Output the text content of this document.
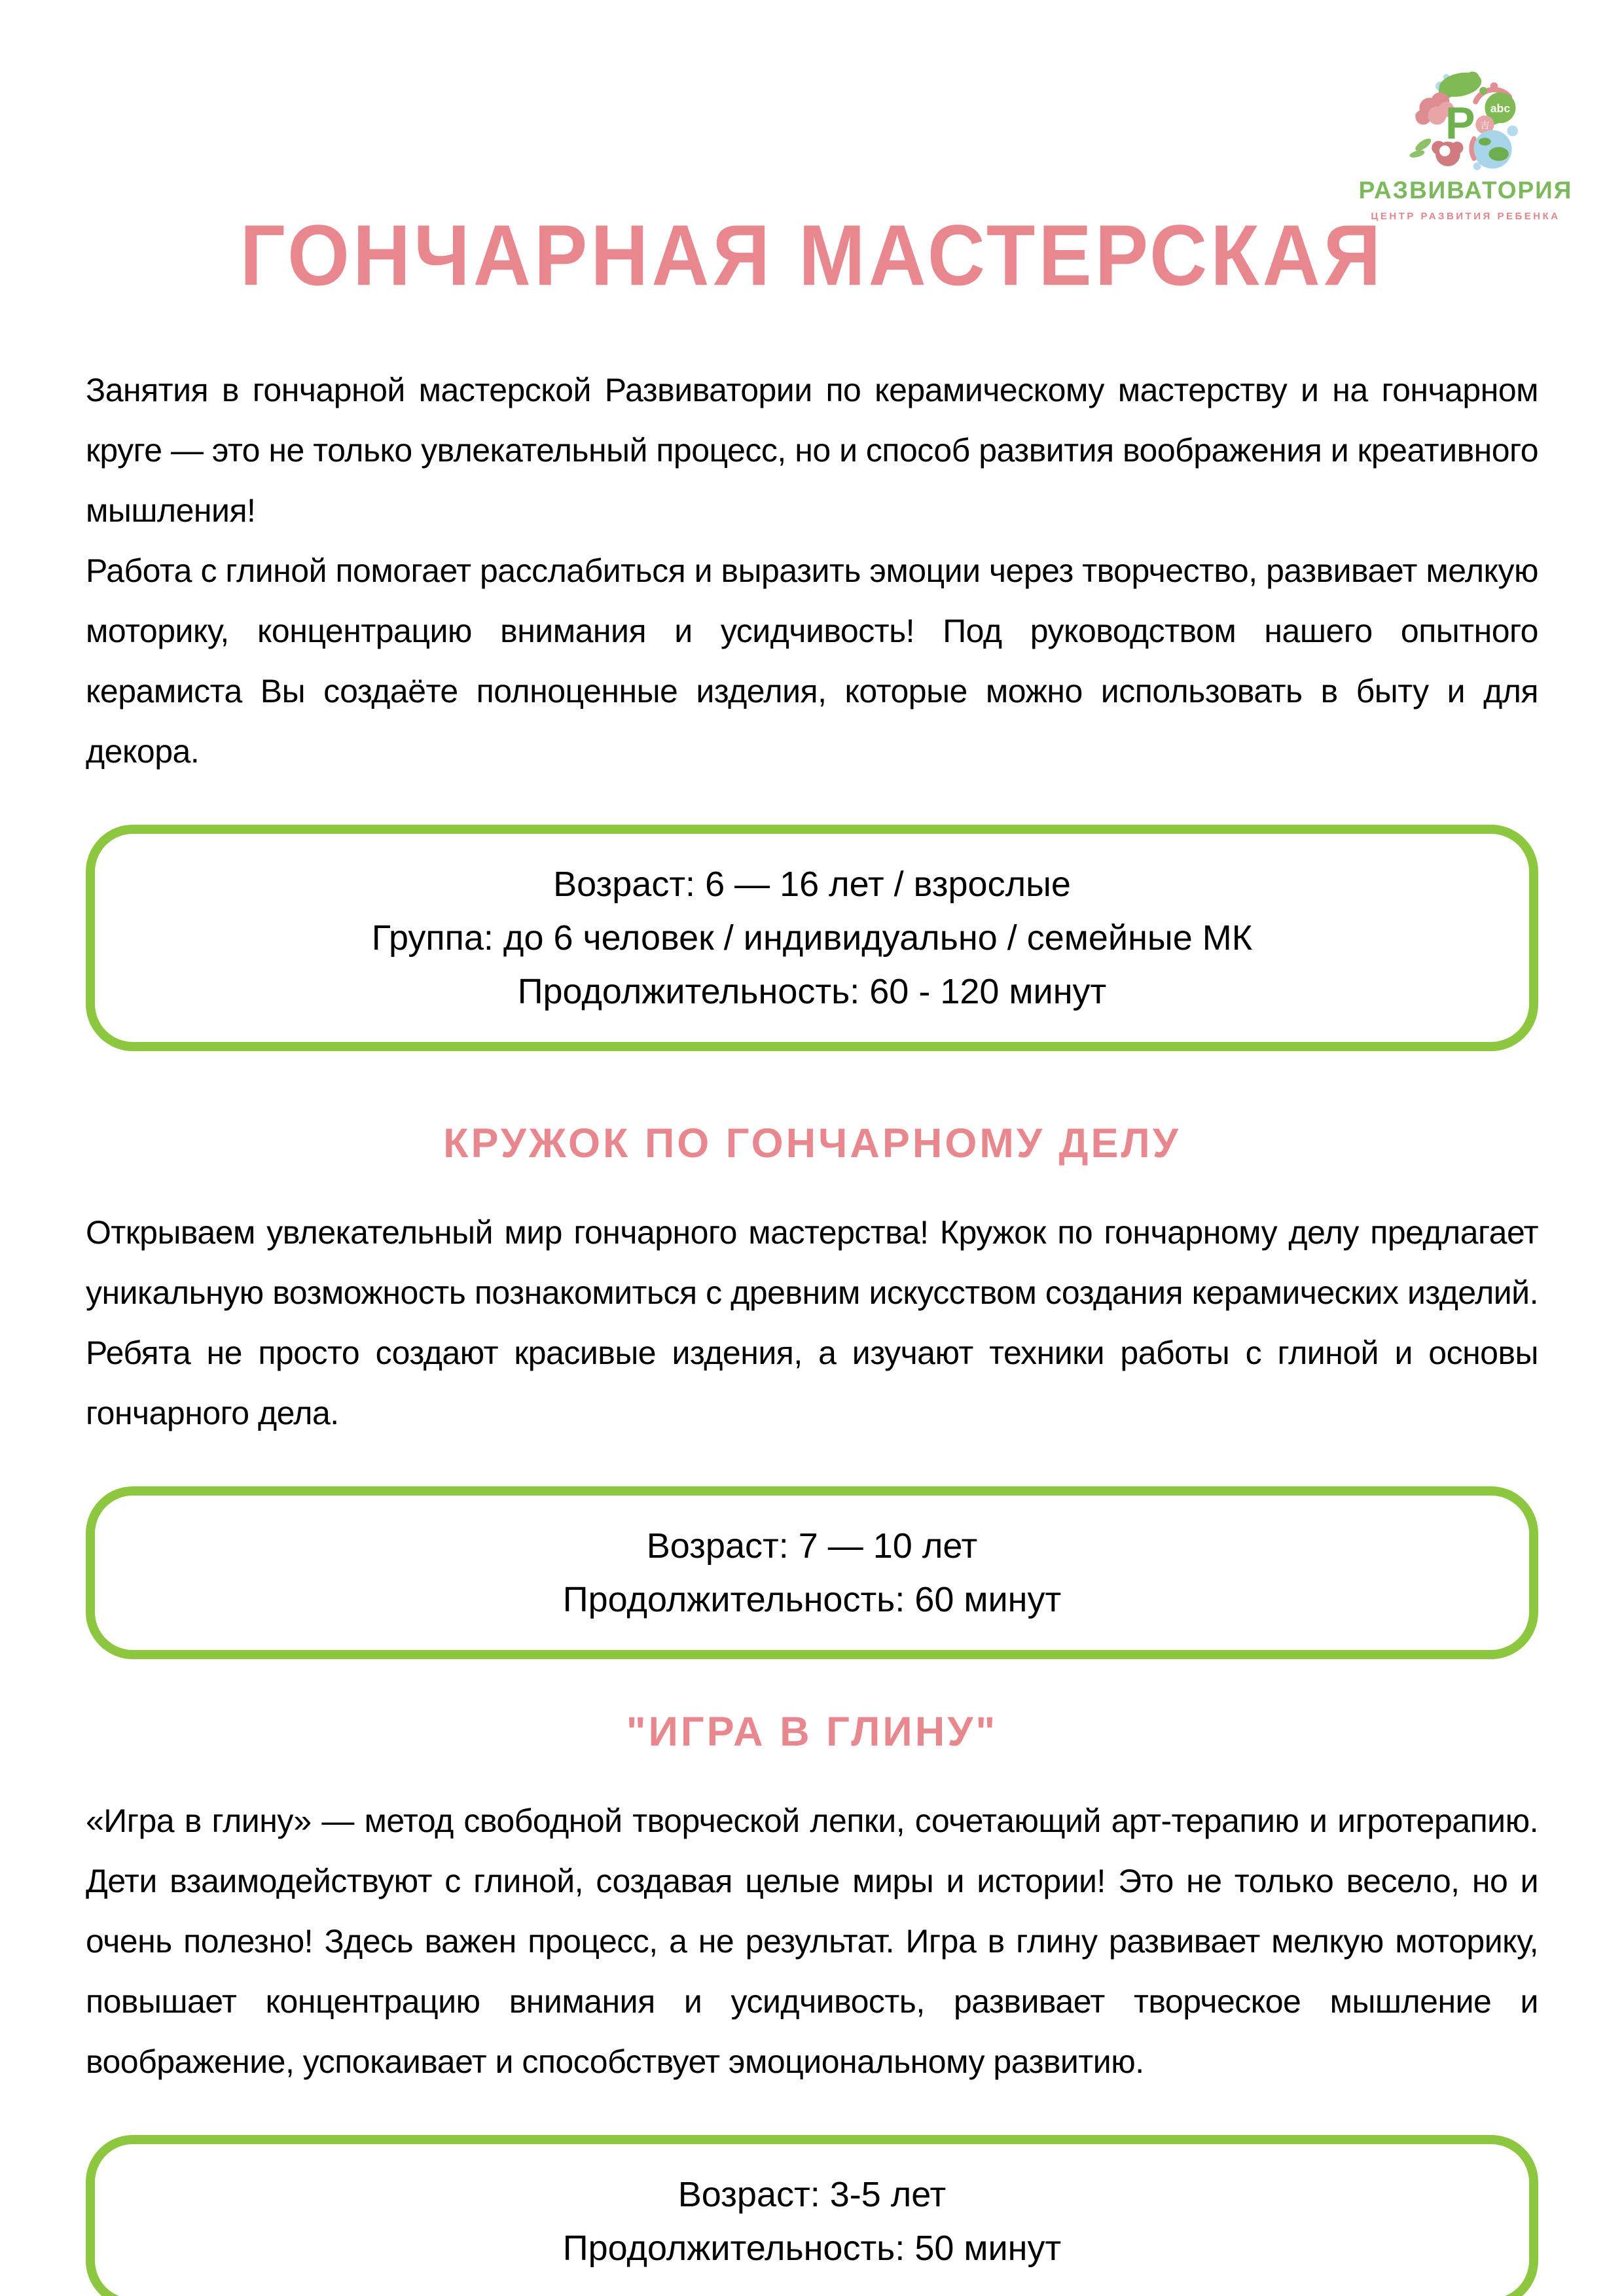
abc
吉
Р
РАЗВИВАТОРИЯ
ЦЕНТР РАЗВИТИЯ РЕБЕНКА
ГОНЧАРНАЯ МАСТЕРСКАЯ

Занятия в гончарной мастерской Развиватории по керамическому мастерству и на гончарном круге — это не только увлекательный процесс, но и способ развития воображения и креативного мышления!

Работа с глиной помогает расслабиться и выразить эмоции через творчество, развивает мелкую моторику, концентрацию внимания и усидчивость! Под руководством нашего опытного керамиста Вы создаёте полноценные изделия, которые можно использовать в быту и для декора.

Возраст: 6 — 16 лет / взрослые
Группа: до 6 человек / индивидуально / семейные МК
Продолжительность: 60 - 120 минут
КРУЖОК ПО ГОНЧАРНОМУ ДЕЛУ

Открываем увлекательный мир гончарного мастерства! Кружок по гончарному делу предлагает уникальную возможность познакомиться с древним искусством создания керамических изделий. Ребята не просто создают красивые издения, а изучают техники работы с глиной и основы гончарного дела.

Возраст: 7 — 10 лет
Продолжительность: 60 минут
"ИГРА В ГЛИНУ"

«Игра в глину» — метод свободной творческой лепки, сочетающий арт-терапию и игротерапию. Дети взаимодействуют с глиной, создавая целые миры и истории! Это не только весело, но и очень полезно! Здесь важен процесс, а не результат. Игра в глину развивает мелкую моторику, повышает концентрацию внимания и усидчивость, развивает творческое мышление и воображение, успокаивает и способствует эмоциональному развитию.

Возраст: 3-5 лет
Продолжительность: 50 минут
